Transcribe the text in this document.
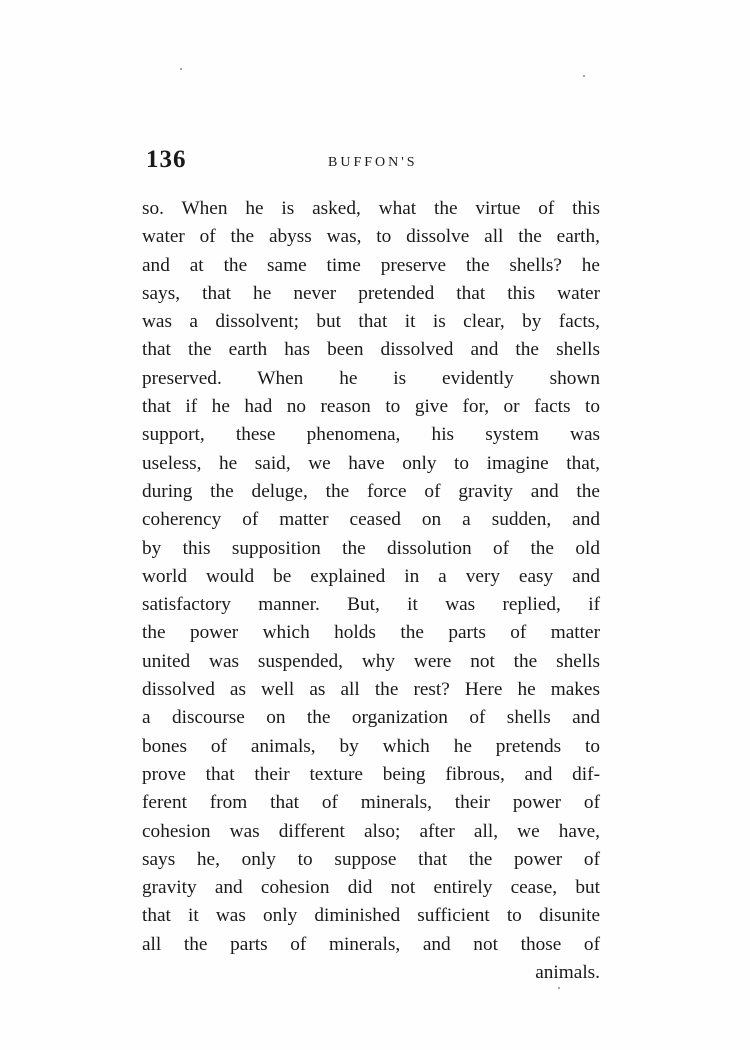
136	BUFFON'S
so. When he is asked, what the virtue of this
water of the abyss was, to dissolve all the earth,
and at the same time preserve the shells? he
says, that he never pretended that this water
was a dissolvent; but that it is clear, by facts,
that the earth has been dissolved and the shells
preserved. When he is evidently shown
that if he had no reason to give for, or facts to
support, these phenomena, his system was
useless, he said, we have only to imagine that,
during the deluge, the force of gravity and the
coherency of matter ceased on a sudden, and
by this supposition the dissolution of the old
world would be explained in a very easy and
satisfactory manner. But, it was replied, if
the power which holds the parts of matter
united was suspended, why were not the shells
dissolved as well as all the rest? Here he makes
a discourse on the organization of shells and
bones of animals, by which he pretends to
prove that their texture being fibrous, and dif-
ferent from that of minerals, their power of
cohesion was different also; after all, we have,
says he, only to suppose that the power of
gravity and cohesion did not entirely cease, but
that it was only diminished sufficient to disunite
all the parts of minerals, and not those of
animals.
